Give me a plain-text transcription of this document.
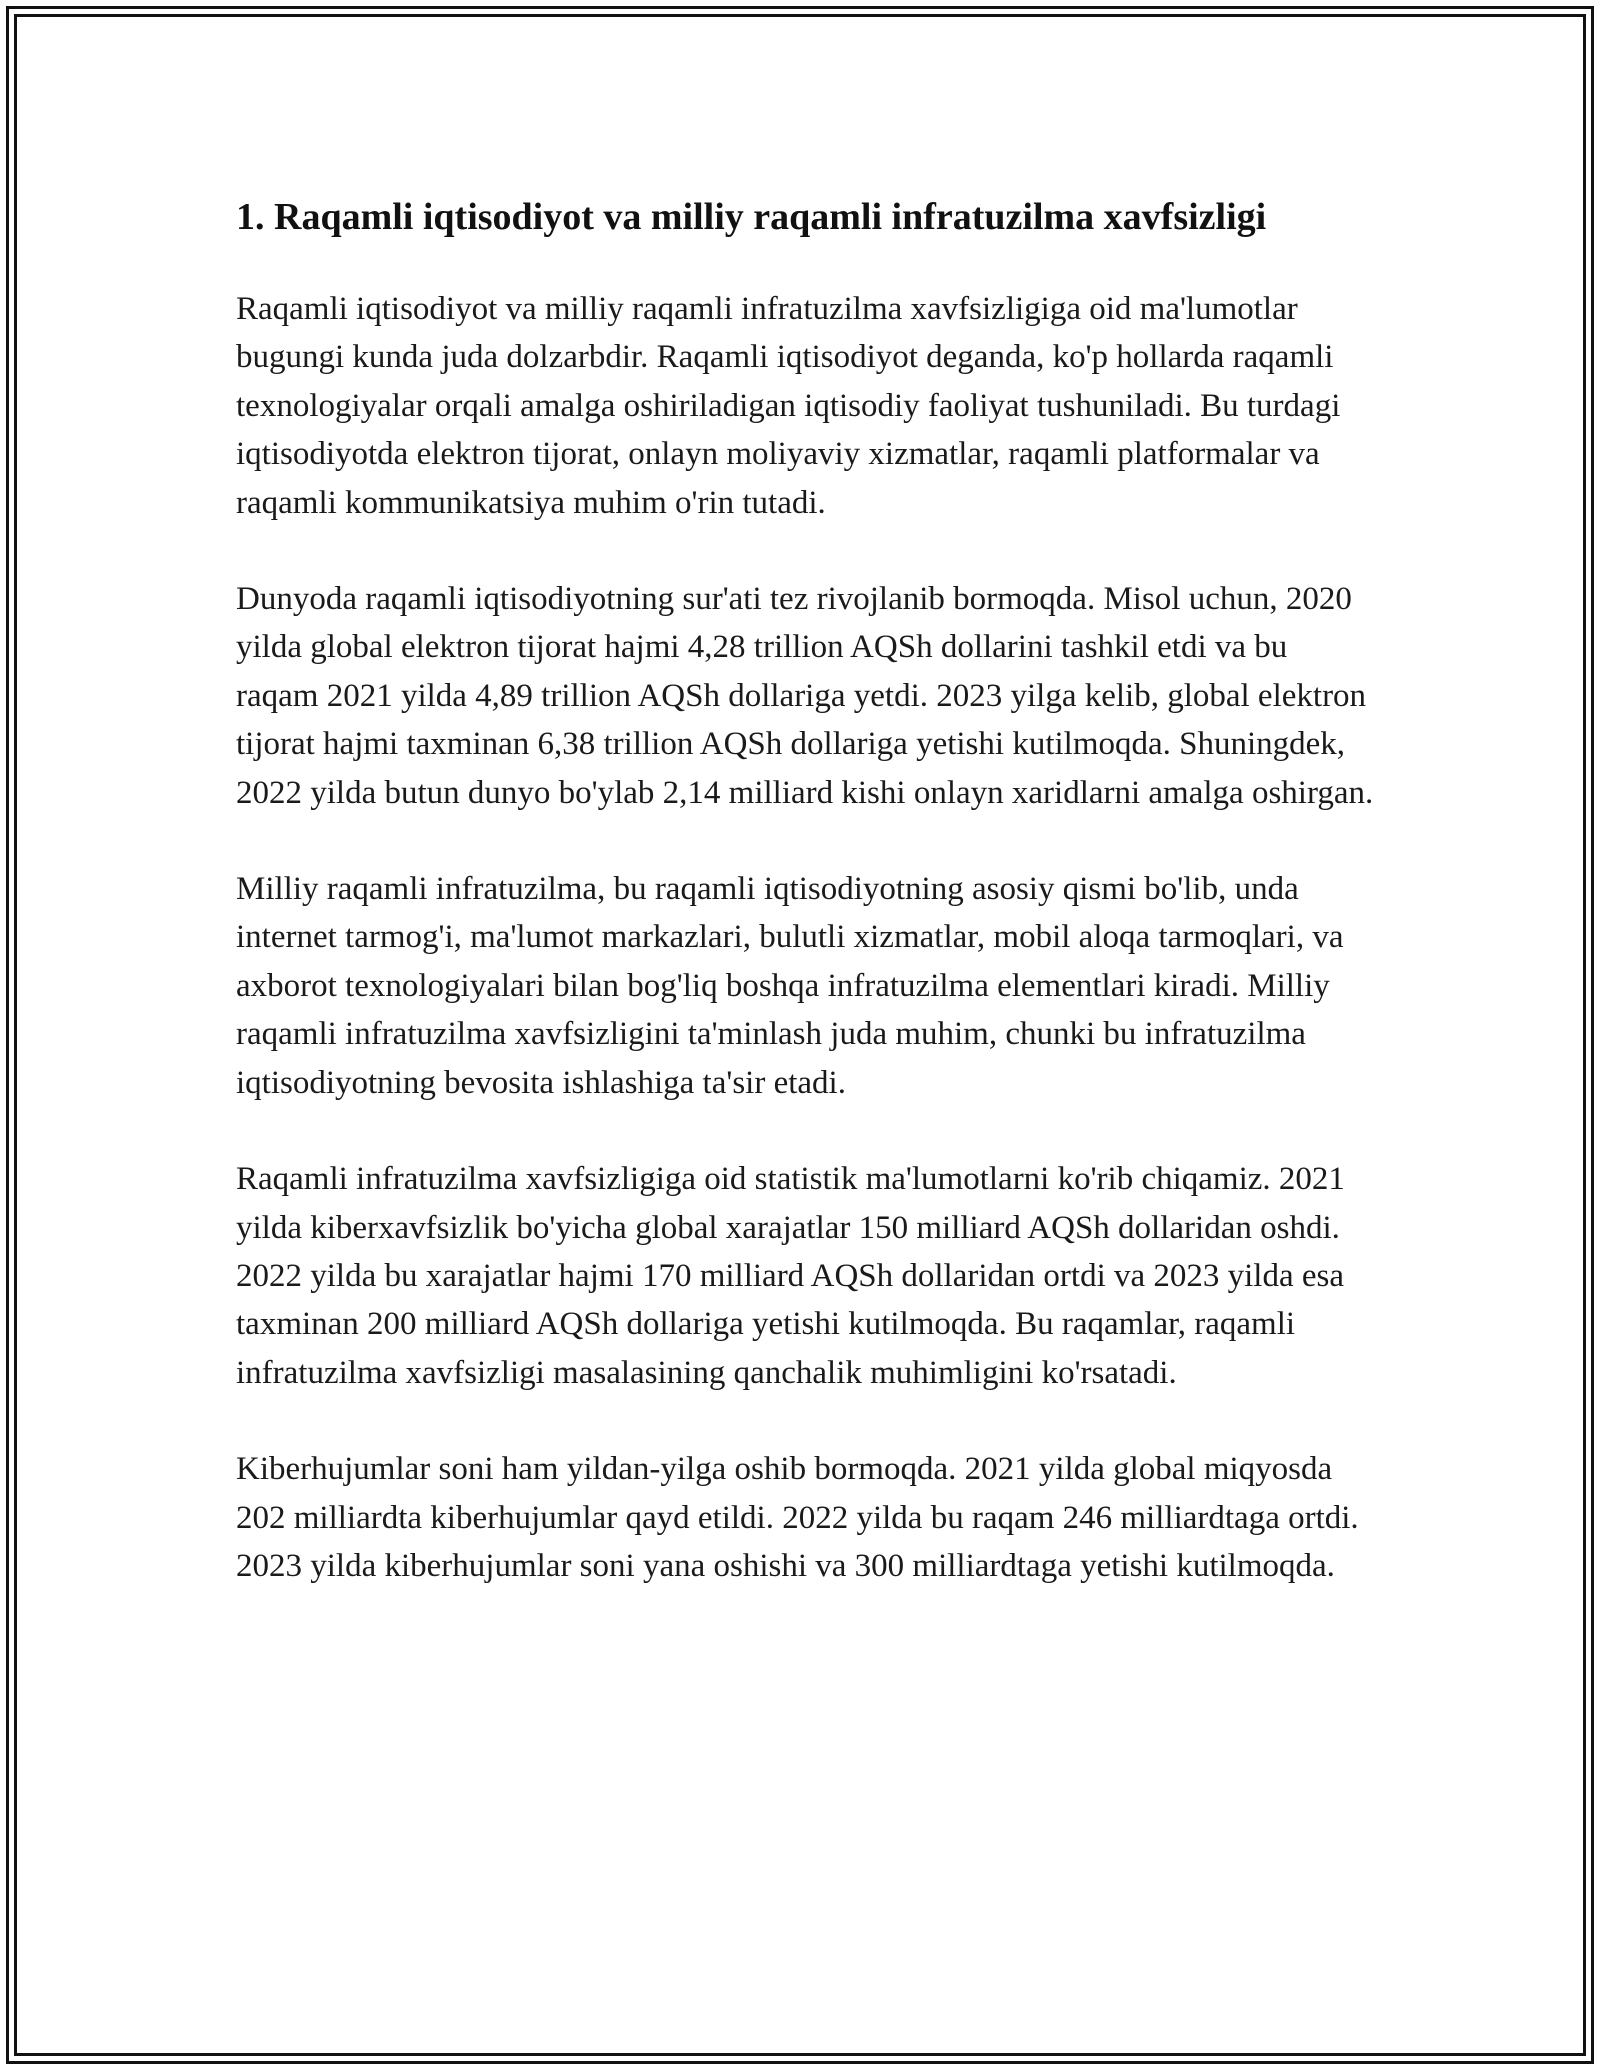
1. Raqamli iqtisodiyot va milliy raqamli infratuzilma xavfsizligi

Raqamli iqtisodiyot va milliy raqamli infratuzilma xavfsizligiga oid ma'lumotlar bugungi kunda juda dolzarbdir. Raqamli iqtisodiyot deganda, ko'p hollarda raqamli texnologiyalar orqali amalga oshiriladigan iqtisodiy faoliyat tushuniladi. Bu turdagi iqtisodiyotda elektron tijorat, onlayn moliyaviy xizmatlar, raqamli platformalar va raqamli kommunikatsiya muhim o'rin tutadi.

Dunyoda raqamli iqtisodiyotning sur'ati tez rivojlanib bormoqda. Misol uchun, 2020 yilda global elektron tijorat hajmi 4,28 trillion AQSh dollarini tashkil etdi va bu raqam 2021 yilda 4,89 trillion AQSh dollariga yetdi. 2023 yilga kelib, global elektron tijorat hajmi taxminan 6,38 trillion AQSh dollariga yetishi kutilmoqda. Shuningdek, 2022 yilda butun dunyo bo'ylab 2,14 milliard kishi onlayn xaridlarni amalga oshirgan.

Milliy raqamli infratuzilma, bu raqamli iqtisodiyotning asosiy qismi bo'lib, unda internet tarmog'i, ma'lumot markazlari, bulutli xizmatlar, mobil aloqa tarmoqlari, va axborot texnologiyalari bilan bog'liq boshqa infratuzilma elementlari kiradi. Milliy raqamli infratuzilma xavfsizligini ta'minlash juda muhim, chunki bu infratuzilma iqtisodiyotning bevosita ishlashiga ta'sir etadi.

Raqamli infratuzilma xavfsizligiga oid statistik ma'lumotlarni ko'rib chiqamiz. 2021 yilda kiberxavfsizlik bo'yicha global xarajatlar 150 milliard AQSh dollaridan oshdi. 2022 yilda bu xarajatlar hajmi 170 milliard AQSh dollaridan ortdi va 2023 yilda esa taxminan 200 milliard AQSh dollariga yetishi kutilmoqda. Bu raqamlar, raqamli infratuzilma xavfsizligi masalasining qanchalik muhimligini ko'rsatadi.

Kiberhujumlar soni ham yildan-yilga oshib bormoqda. 2021 yilda global miqyosda 202 milliardta kiberhujumlar qayd etildi. 2022 yilda bu raqam 246 milliardtaga ortdi. 2023 yilda kiberhujumlar soni yana oshishi va 300 milliardtaga yetishi kutilmoqda.
